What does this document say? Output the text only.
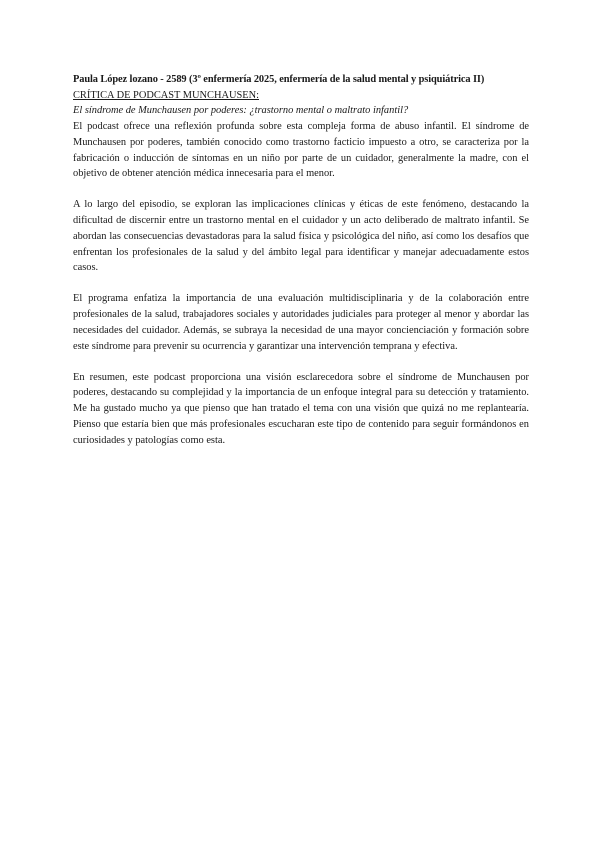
Paula López lozano - 2589 (3º enfermería 2025, enfermería de la salud mental y psiquiátrica II)
CRÍTICA DE PODCAST MUNCHAUSEN:
El síndrome de Munchausen por poderes: ¿trastorno mental o maltrato infantil?

El podcast ofrece una reflexión profunda sobre esta compleja forma de abuso infantil. El síndrome de Munchausen por poderes, también conocido como trastorno facticio impuesto a otro, se caracteriza por la fabricación o inducción de síntomas en un niño por parte de un cuidador, generalmente la madre, con el objetivo de obtener atención médica innecesaria para el menor.

A lo largo del episodio, se exploran las implicaciones clínicas y éticas de este fenómeno, destacando la dificultad de discernir entre un trastorno mental en el cuidador y un acto deliberado de maltrato infantil. Se abordan las consecuencias devastadoras para la salud física y psicológica del niño, así como los desafíos que enfrentan los profesionales de la salud y del ámbito legal para identificar y manejar adecuadamente estos casos.

El programa enfatiza la importancia de una evaluación multidisciplinaria y de la colaboración entre profesionales de la salud, trabajadores sociales y autoridades judiciales para proteger al menor y abordar las necesidades del cuidador. Además, se subraya la necesidad de una mayor concienciación y formación sobre este síndrome para prevenir su ocurrencia y garantizar una intervención temprana y efectiva.

En resumen, este podcast proporciona una visión esclarecedora sobre el síndrome de Munchausen por poderes, destacando su complejidad y la importancia de un enfoque integral para su detección y tratamiento. Me ha gustado mucho ya que pienso que han tratado el tema con una visión que quizá no me replantearía. Pienso que estaría bien que más profesionales escucharan este tipo de contenido para seguir formándonos en curiosidades y patologías como esta.
